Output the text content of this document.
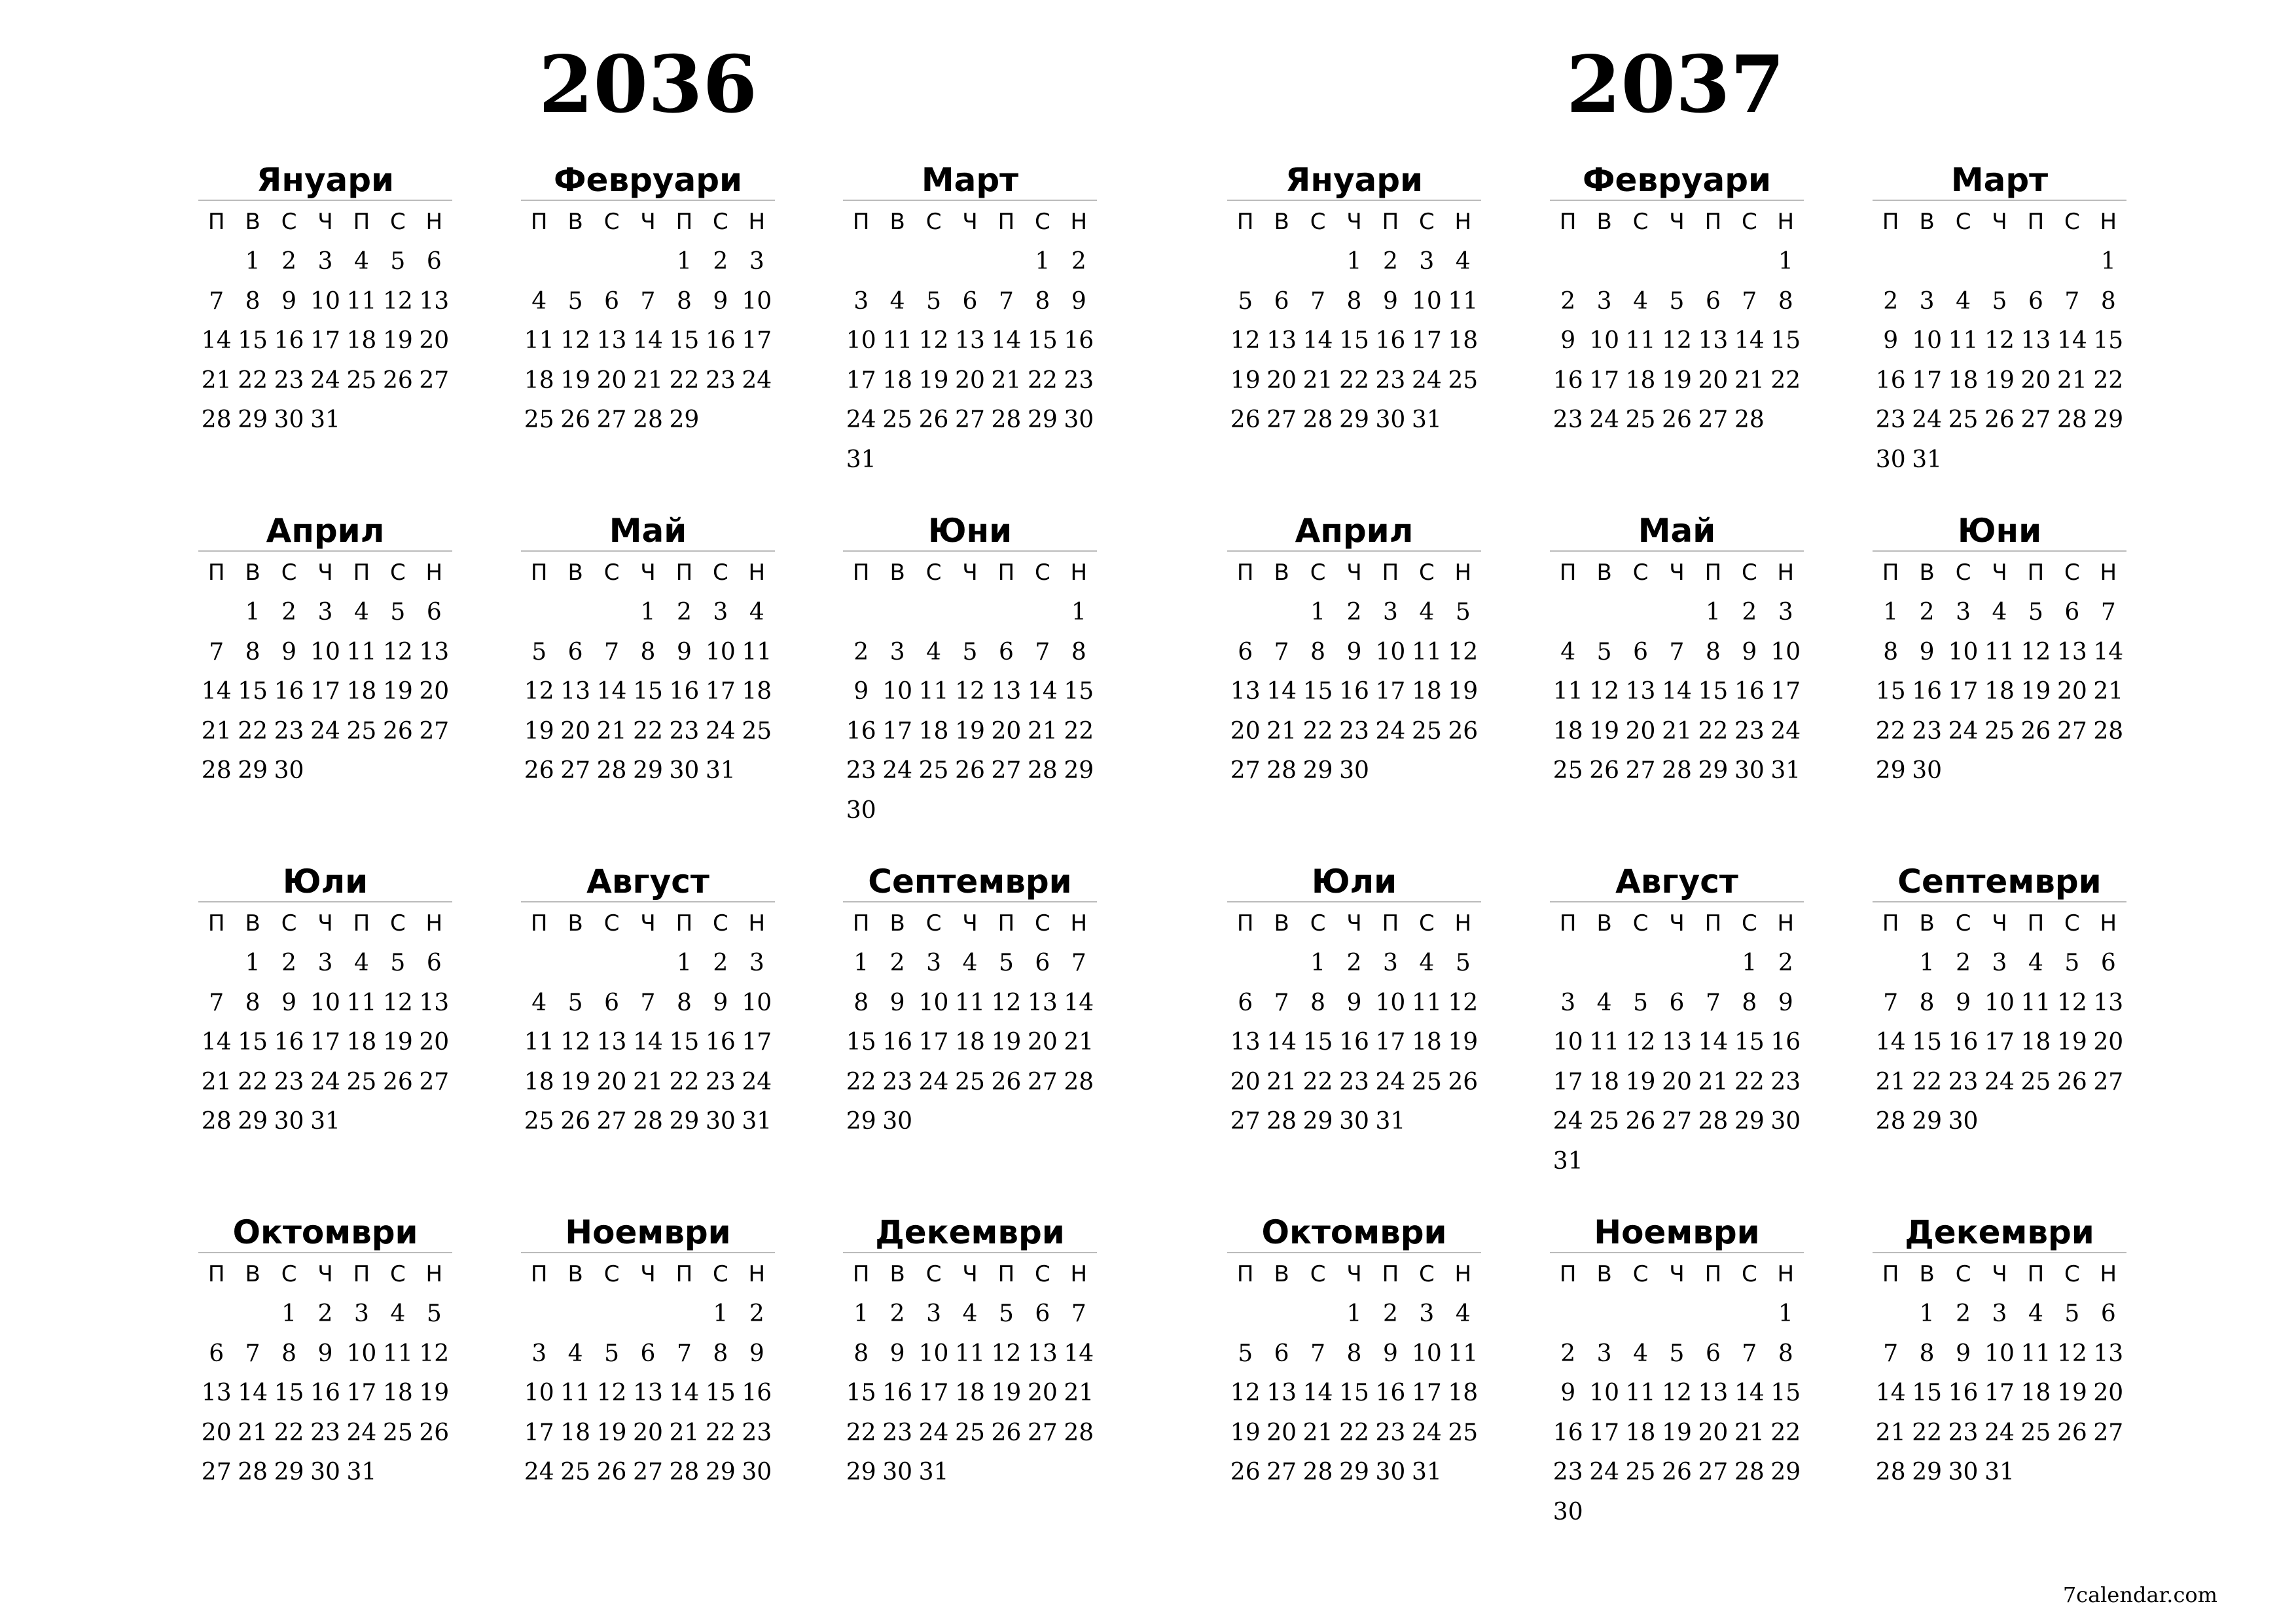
2036	2037
Януари
П В С Ч П С Н
1 2 3 4 5 6
7 8 9 10 11 12 13
14 15 16 17 18 19 20
21 22 23 24 25 26 27
28 29 30 31
Февруари
П В С Ч П С Н
1 2 3
4 5 6 7 8 9 10
11 12 13 14 15 16 17
18 19 20 21 22 23 24
25 26 27 28 29
Март
П В С Ч П С Н
1 2
3 4 5 6 7 8 9
10 11 12 13 14 15 16
17 18 19 20 21 22 23
24 25 26 27 28 29 30
31
Април
П В С Ч П С Н
1 2 3 4 5 6
7 8 9 10 11 12 13
14 15 16 17 18 19 20
21 22 23 24 25 26 27
28 29 30
Май
П В С Ч П С Н
1 2 3 4
5 6 7 8 9 10 11
12 13 14 15 16 17 18
19 20 21 22 23 24 25
26 27 28 29 30 31
Юни
П В С Ч П С Н
1
2 3 4 5 6 7 8
9 10 11 12 13 14 15
16 17 18 19 20 21 22
23 24 25 26 27 28 29
30
Юли
П В С Ч П С Н
1 2 3 4 5 6
7 8 9 10 11 12 13
14 15 16 17 18 19 20
21 22 23 24 25 26 27
28 29 30 31
Август
П В С Ч П С Н
1 2 3
4 5 6 7 8 9 10
11 12 13 14 15 16 17
18 19 20 21 22 23 24
25 26 27 28 29 30 31
Септември
П В С Ч П С Н
1 2 3 4 5 6 7
8 9 10 11 12 13 14
15 16 17 18 19 20 21
22 23 24 25 26 27 28
29 30
Октомври
П В С Ч П С Н
1 2 3 4 5
6 7 8 9 10 11 12
13 14 15 16 17 18 19
20 21 22 23 24 25 26
27 28 29 30 31
Ноември
П В С Ч П С Н
1 2
3 4 5 6 7 8 9
10 11 12 13 14 15 16
17 18 19 20 21 22 23
24 25 26 27 28 29 30
Декември
П В С Ч П С Н
1 2 3 4 5 6 7
8 9 10 11 12 13 14
15 16 17 18 19 20 21
22 23 24 25 26 27 28
29 30 31
Януари
П В С Ч П С Н
1 2 3 4
5 6 7 8 9 10 11
12 13 14 15 16 17 18
19 20 21 22 23 24 25
26 27 28 29 30 31
Февруари
П В С Ч П С Н
1
2 3 4 5 6 7 8
9 10 11 12 13 14 15
16 17 18 19 20 21 22
23 24 25 26 27 28
Март
П В С Ч П С Н
1
2 3 4 5 6 7 8
9 10 11 12 13 14 15
16 17 18 19 20 21 22
23 24 25 26 27 28 29
30 31
Април
П В С Ч П С Н
1 2 3 4 5
6 7 8 9 10 11 12
13 14 15 16 17 18 19
20 21 22 23 24 25 26
27 28 29 30
Май
П В С Ч П С Н
1 2 3
4 5 6 7 8 9 10
11 12 13 14 15 16 17
18 19 20 21 22 23 24
25 26 27 28 29 30 31
Юни
П В С Ч П С Н
1 2 3 4 5 6 7
8 9 10 11 12 13 14
15 16 17 18 19 20 21
22 23 24 25 26 27 28
29 30
Юли
П В С Ч П С Н
1 2 3 4 5
6 7 8 9 10 11 12
13 14 15 16 17 18 19
20 21 22 23 24 25 26
27 28 29 30 31
Август
П В С Ч П С Н
1 2
3 4 5 6 7 8 9
10 11 12 13 14 15 16
17 18 19 20 21 22 23
24 25 26 27 28 29 30
31
Септември
П В С Ч П С Н
1 2 3 4 5 6
7 8 9 10 11 12 13
14 15 16 17 18 19 20
21 22 23 24 25 26 27
28 29 30
Октомври
П В С Ч П С Н
1 2 3 4
5 6 7 8 9 10 11
12 13 14 15 16 17 18
19 20 21 22 23 24 25
26 27 28 29 30 31
Ноември
П В С Ч П С Н
1
2 3 4 5 6 7 8
9 10 11 12 13 14 15
16 17 18 19 20 21 22
23 24 25 26 27 28 29
30
Декември
П В С Ч П С Н
1 2 3 4 5 6
7 8 9 10 11 12 13
14 15 16 17 18 19 20
21 22 23 24 25 26 27
28 29 30 31
7calendar.com
